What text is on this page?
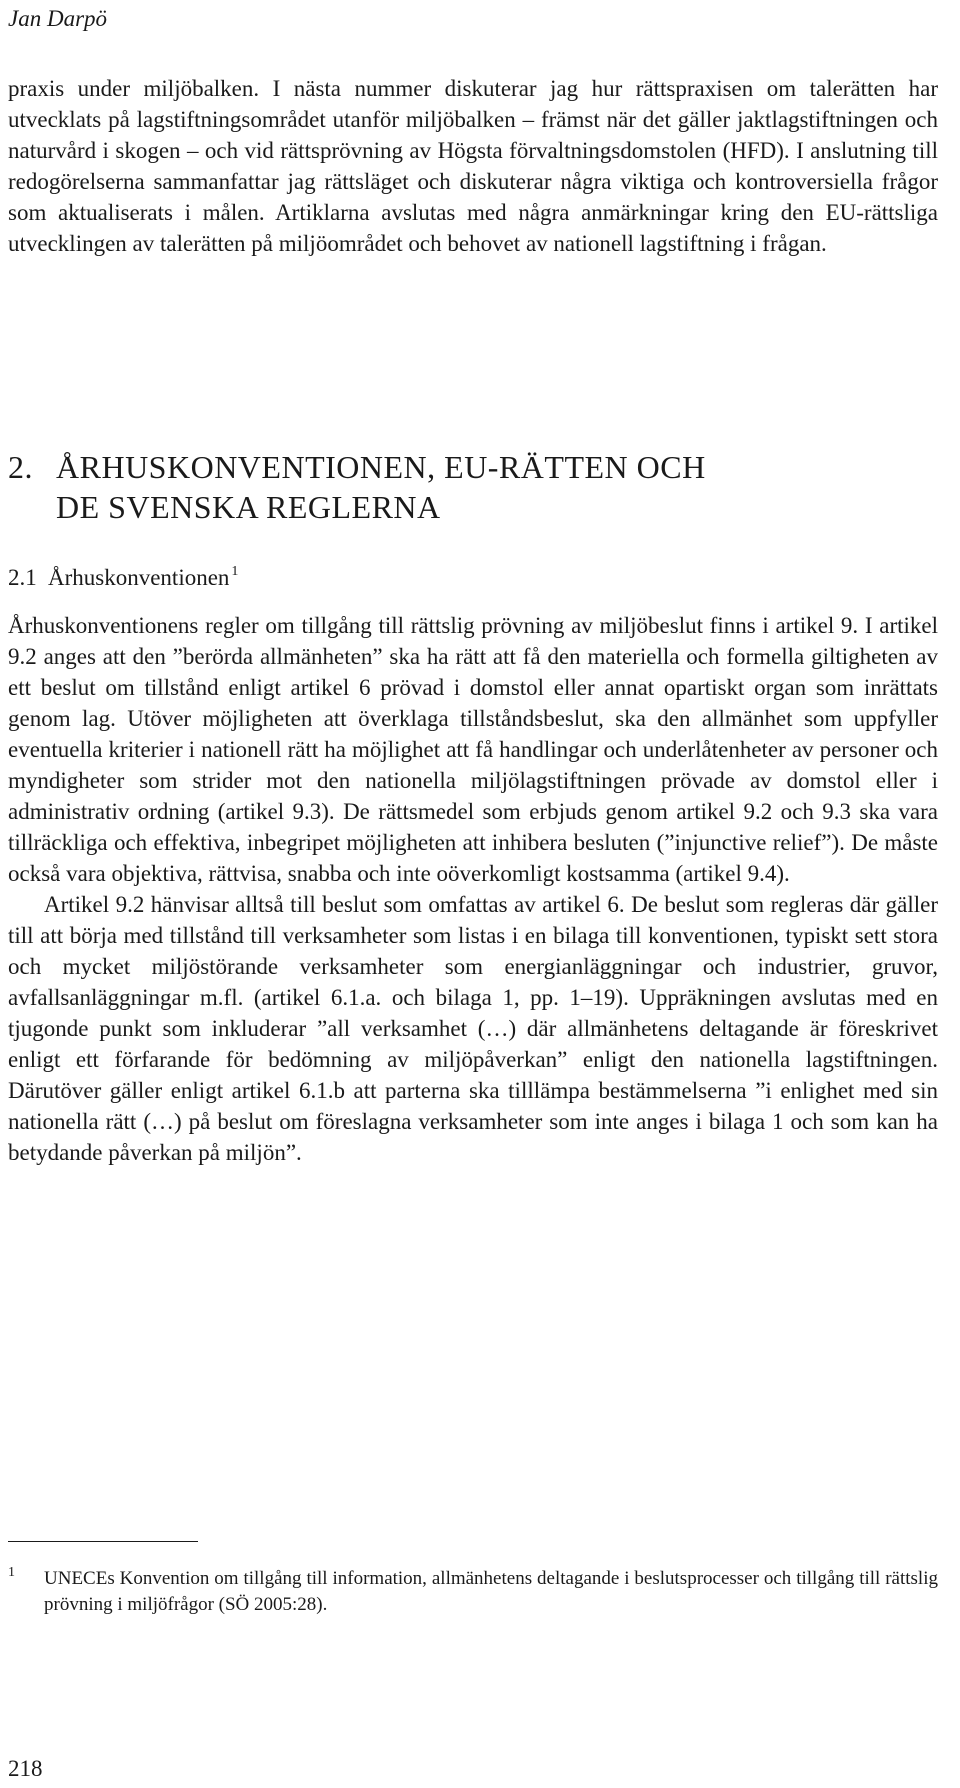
Jan Darpö

praxis under miljöbalken. I nästa nummer diskuterar jag hur rättspraxisen om talerätten har utvecklats på lagstiftningsområdet utanför miljöbalken – främst när det gäller jaktlagstiftningen och naturvård i skogen – och vid rättsprövning av Högsta förvaltningsdomstolen (HFD). I anslutning till redogörelserna sammanfattar jag rättsläget och diskuterar några viktiga och kontroversiella frågor som aktualiserats i målen. Artiklarna avslutas med några anmärkningar kring den EU-rättsliga utvecklingen av talerätten på miljöområdet och behovet av nationell lagstiftning i frågan.

2. ÅRHUSKONVENTIONEN, EU-RÄTTEN OCH
DE SVENSKA REGLERNA
2.1 Århuskonventionen $^1$

Århuskonventionens regler om tillgång till rättslig prövning av miljöbeslut finns i artikel 9. I artikel 9.2 anges att den ”berörda allmänheten” ska ha rätt att få den materiella och formella giltigheten av ett beslut om tillstånd enligt artikel 6 prövad i domstol eller annat opartiskt organ som inrättats genom lag. Utöver möjligheten att överklaga tillståndsbeslut, ska den allmänhet som uppfyller eventuella kriterier i nationell rätt ha möjlighet att få handlingar och underlåtenheter av personer och myndigheter som strider mot den nationella miljölagstiftningen prövade av domstol eller i administrativ ordning (artikel 9.3). De rättsmedel som erbjuds genom artikel 9.2 och 9.3 ska vara tillräckliga och effektiva, inbegripet möjligheten att inhibera besluten (”injunctive relief”). De måste också vara objektiva, rättvisa, snabba och inte oöverkomligt kostsamma (artikel 9.4).

Artikel 9.2 hänvisar alltså till beslut som omfattas av artikel 6. De beslut som regleras där gäller till att börja med tillstånd till verksamheter som listas i en bilaga till konventionen, typiskt sett stora och mycket miljöstörande verksamheter som energianläggningar och industrier, gruvor, avfallsanläggningar m.fl. (artikel 6.1.a. och bilaga 1, pp. 1–19). Uppräkningen avslutas med en tjugonde punkt som inkluderar ”all verksamhet (…) där allmänhetens deltagande är föreskrivet enligt ett förfarande för bedömning av miljöpåverkan” enligt den nationella lagstiftningen. Därutöver gäller enligt artikel 6.1.b att parterna ska tilllämpa bestämmelserna ”i enlighet med sin nationella rätt (…) på beslut om föreslagna verksamheter som inte anges i bilaga 1 och som kan ha betydande påverkan på miljön”.

1 UNECEs Konvention om tillgång till information, allmänhetens deltagande i beslutsprocesser och tillgång till rättslig prövning i miljöfrågor (SÖ 2005:28).
218
